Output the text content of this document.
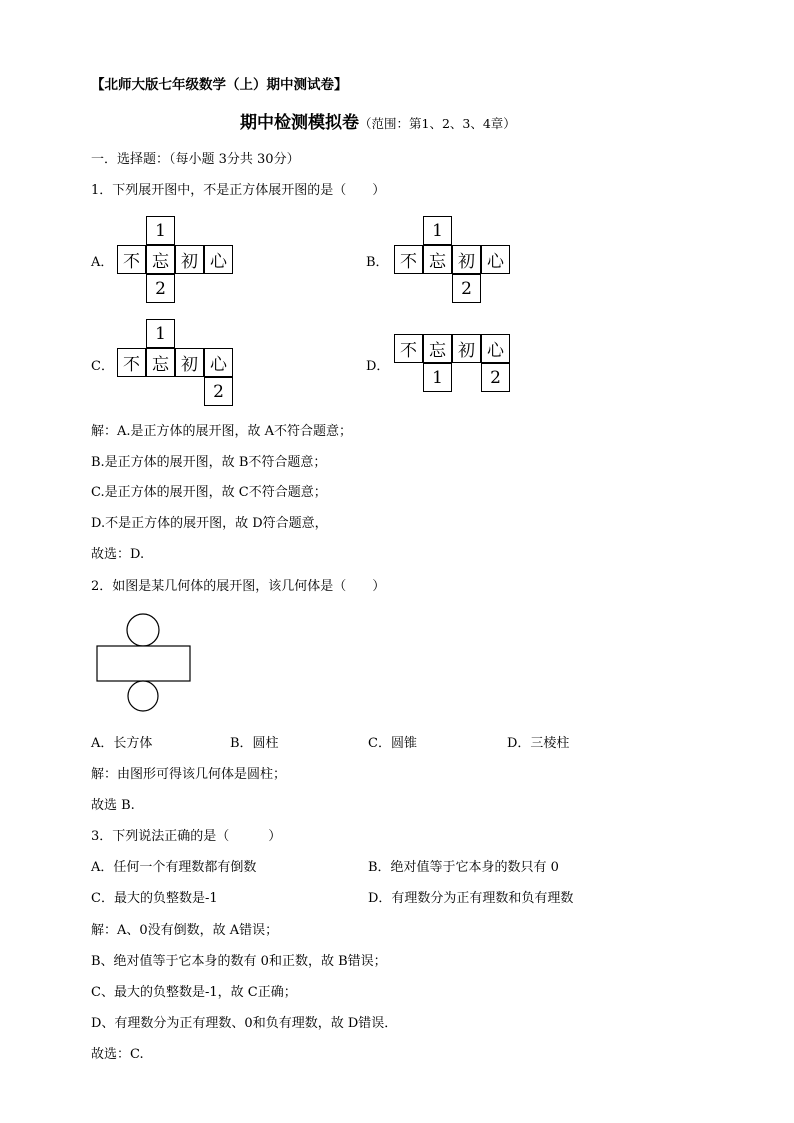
【北师大版七年级数学（上）期中测试卷】
期中检测模拟卷（范围：第1、2、3、4章）
一．选择题：（每小题 3分共 30分）
1．下列展开图中，不是正方体展开图的是（　　）
A．
1
不 忘 初 心
2
B．
1
不 忘 初 心
2
C．
1
不 忘 初 心
2
D．
不 忘 初 心
1	2
解：A.是正方体的展开图，故 A不符合题意；
B.是正方体的展开图，故 B不符合题意；
C.是正方体的展开图，故 C不符合题意；
D.不是正方体的展开图，故 D符合题意，
故选：D.
2．如图是某几何体的展开图，该几何体是（　　）
A．长方体	B．圆柱	C．圆锥	D．三棱柱
解：由图形可得该几何体是圆柱；
故选 B.
3．下列说法正确的是（　　　）
A．任何一个有理数都有倒数	B．绝对值等于它本身的数只有 0
C．最大的负整数是-1	D．有理数分为正有理数和负有理数
解：A、0没有倒数，故 A错误；
B、绝对值等于它本身的数有 0和正数，故 B错误；
C、最大的负整数是-1，故 C正确；
D、有理数分为正有理数、0和负有理数，故 D错误．
故选：C.
